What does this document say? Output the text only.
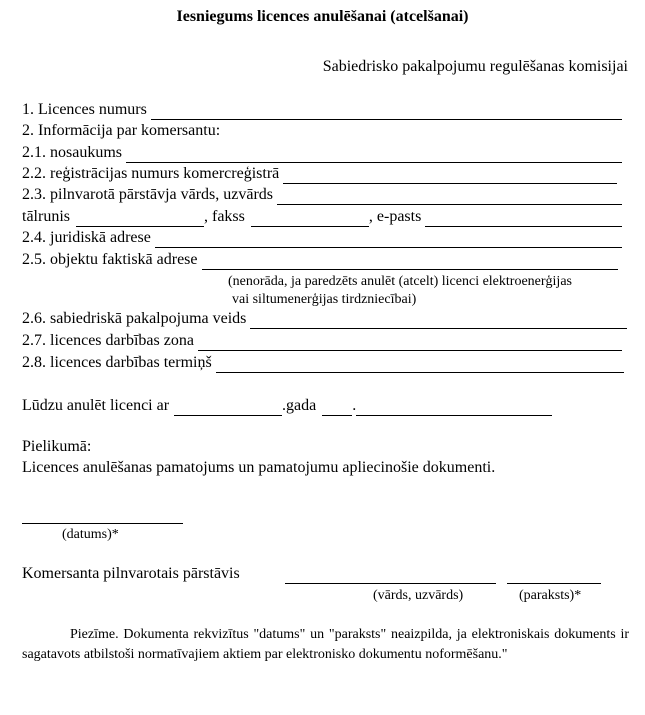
Iesniegums licences anulēšanai (atcelšanai)
Sabiedrisko pakalpojumu regulēšanas komisijai
1. Licences numurs
2. Informācija par komersantu:
2.1. nosaukums
2.2. reģistrācijas numurs komercreģistrā
2.3. pilnvarotā pārstāvja vārds, uzvārds
tālrunis	, fakss	, e-pasts
2.4. juridiskā adrese
2.5. objektu faktiskā adrese
(nenorāda, ja paredzēts anulēt (atcelt) licenci elektroenerģijas
vai siltumenerģijas tirdzniecībai)
2.6. sabiedriskā pakalpojuma veids
2.7. licences darbības zona
2.8. licences darbības termiņš
Lūdzu anulēt licenci ar	.gada .
Pielikumā:
Licences anulēšanas pamatojums un pamatojumu apliecinošie dokumenti.
(datums)*
Komersanta pilnvarotais pārstāvis
(vārds, uzvārds)	(paraksts)*
Piezīme. Dokumenta rekvizītus "datums" un "paraksts" neaizpilda, ja elektroniskais dokuments ir sagatavots atbilstoši normatīvajiem aktiem par elektronisko dokumentu noformēšanu."
